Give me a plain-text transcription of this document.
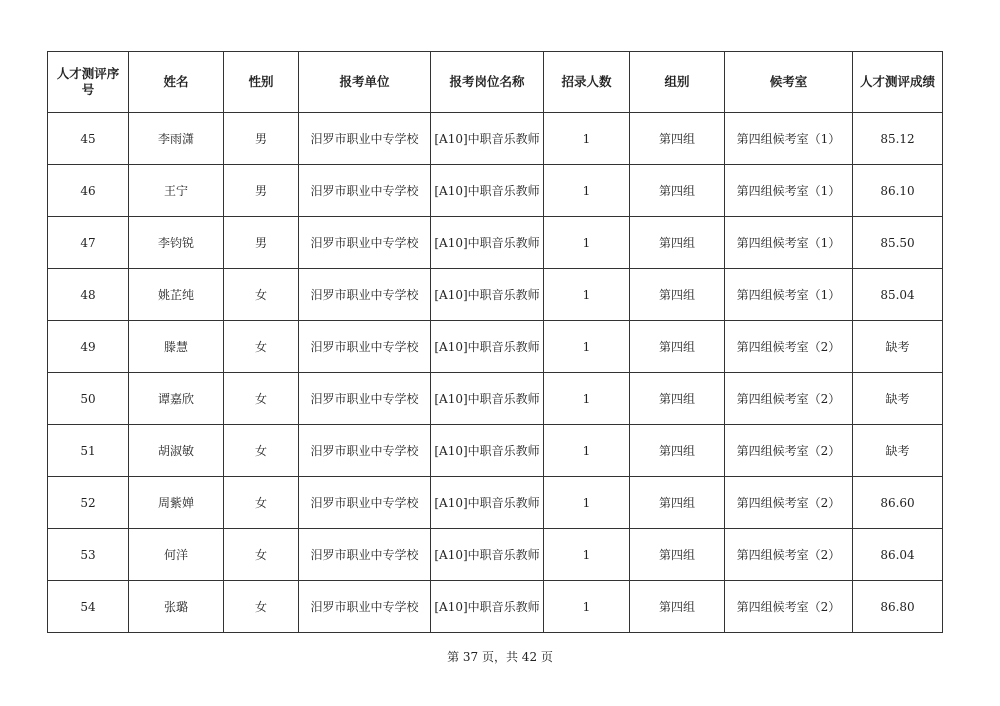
人才测评序号	姓名	性别	报考单位	报考岗位名称	招录人数	组别	候考室	人才测评成绩
45	李雨潇	男	汨罗市职业中专学校	[A10]中职音乐教师	1	第四组	第四组候考室（1）	85.12
46	王宁	男	汨罗市职业中专学校	[A10]中职音乐教师	1	第四组	第四组候考室（1）	86.10
47	李钧锐	男	汨罗市职业中专学校	[A10]中职音乐教师	1	第四组	第四组候考室（1）	85.50
48	姚芷纯	女	汨罗市职业中专学校	[A10]中职音乐教师	1	第四组	第四组候考室（1）	85.04
49	滕慧	女	汨罗市职业中专学校	[A10]中职音乐教师	1	第四组	第四组候考室（2）	缺考
50	谭嘉欣	女	汨罗市职业中专学校	[A10]中职音乐教师	1	第四组	第四组候考室（2）	缺考
51	胡淑敏	女	汨罗市职业中专学校	[A10]中职音乐教师	1	第四组	第四组候考室（2）	缺考
52	周紫婵	女	汨罗市职业中专学校	[A10]中职音乐教师	1	第四组	第四组候考室（2）	86.60
53	何洋	女	汨罗市职业中专学校	[A10]中职音乐教师	1	第四组	第四组候考室（2）	86.04
54	张璐	女	汨罗市职业中专学校	[A10]中职音乐教师	1	第四组	第四组候考室（2）	86.80
第 37 页，共 42 页
